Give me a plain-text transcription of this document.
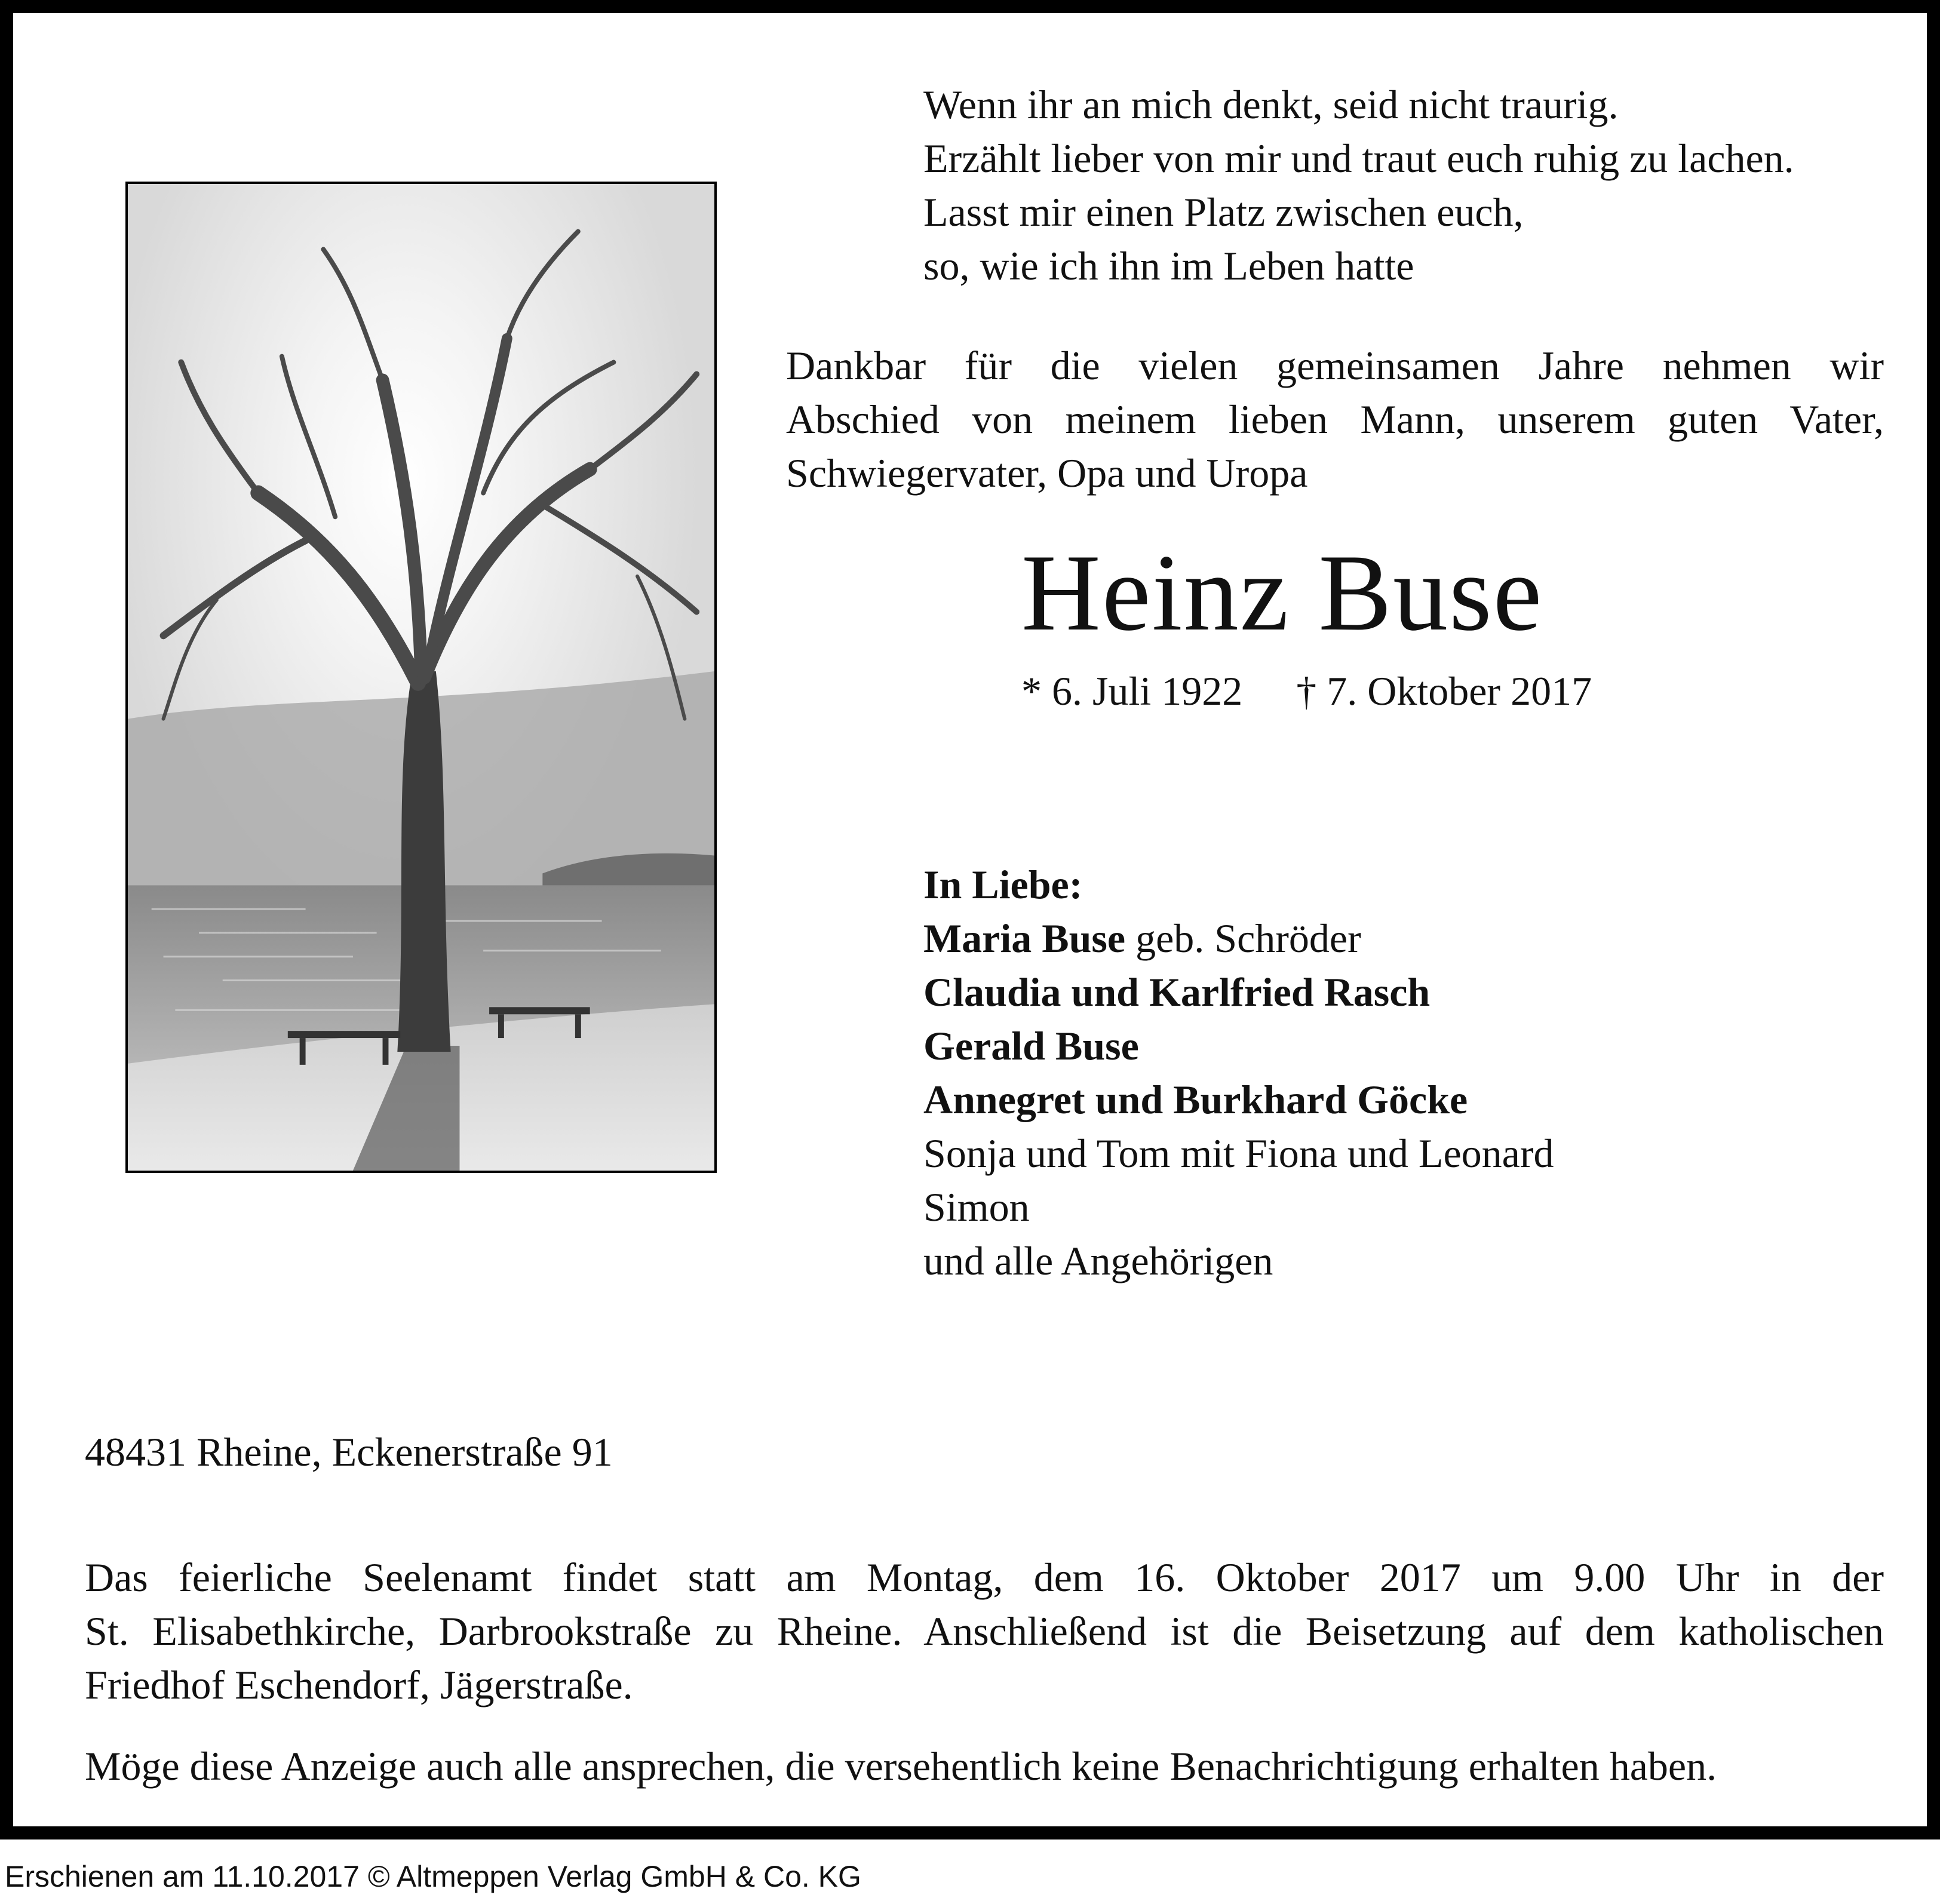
Wenn ihr an mich denkt, seid nicht traurig.
Erzählt lieber von mir und traut euch ruhig zu lachen.
Lasst mir einen Platz zwischen euch,
so, wie ich ihn im Leben hatte
Dankbar für die vielen gemeinsamen Jahre nehmen wir
Abschied von meinem lieben Mann, unserem guten Vater,
Schwiegervater, Opa und Uropa
Heinz Buse
* 6. Juli 1922 † 7. Oktober 2017
In Liebe:
Maria Buse geb. Schröder
Claudia und Karlfried Rasch
Gerald Buse
Annegret und Burkhard Göcke
Sonja und Tom mit Fiona und Leonard
Simon
und alle Angehörigen
48431 Rheine, Eckenerstraße 91
Das feierliche Seelenamt findet statt am Montag, dem 16. Oktober 2017 um 9.00 Uhr in der
St. Elisabethkirche, Darbrookstraße zu Rheine. Anschließend ist die Beisetzung auf dem katholischen
Friedhof Eschendorf, Jägerstraße.
Möge diese Anzeige auch alle ansprechen, die versehentlich keine Benachrichtigung erhalten haben.
Erschienen am 11.10.2017 © Altmeppen Verlag GmbH & Co. KG
